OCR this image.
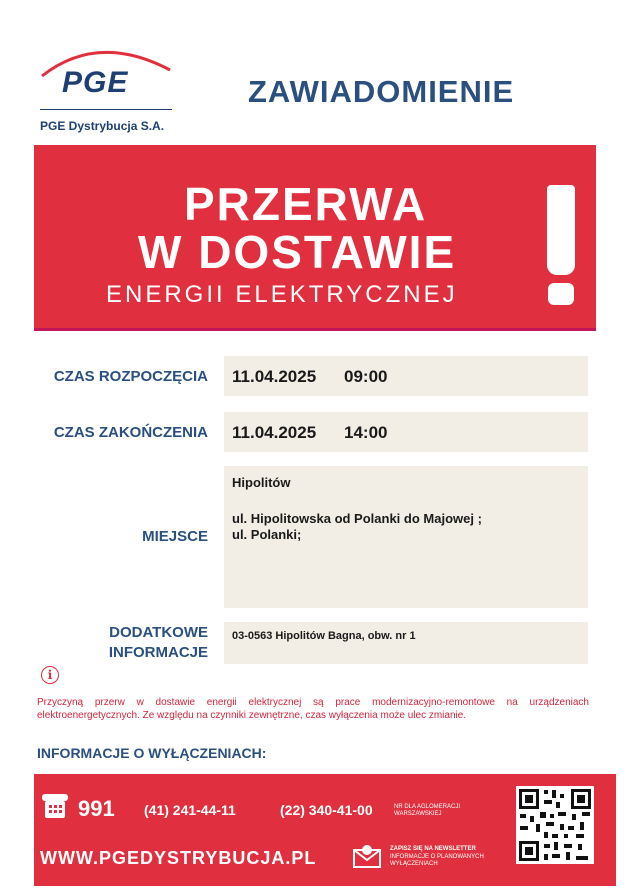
PGE
PGE Dystrybucja S.A.
ZAWIADOMIENIE
PRZERWA
W DOSTAWIE
ENERGII ELEKTRYCZNEJ
CZAS ROZPOCZĘCIA 11.04.2025 09:00
CZAS ZAKOŃCZENIA 11.04.2025 14:00
MIEJSCE
Hipolitów
ul. Hipolitowska od Polanki do Majowej ;
ul. Polanki;
DODATKOWE
INFORMACJE
03-0563 Hipolitów Bagna, obw. nr 1
i
Przyczyną przerw w dostawie energii elektrycznej są prace modernizacyjno-remontowe na urządzeniach elektroenergetycznych. Ze względu na czynniki zewnętrzne, czas wyłączenia może ulec zmianie.
INFORMACJE O WYŁĄCZENIACH:
991 (41) 241-44-11	(22) 340-41-00	NR DLA AGLOMERACJI
WARSZAWSKIEJ
WWW.PGEDYSTRYBUCJA.PL	ZAPISZ SIĘ NA NEWSLETTER
INFORMACJE O PLANOWANYCH
WYŁĄCZENIACH
